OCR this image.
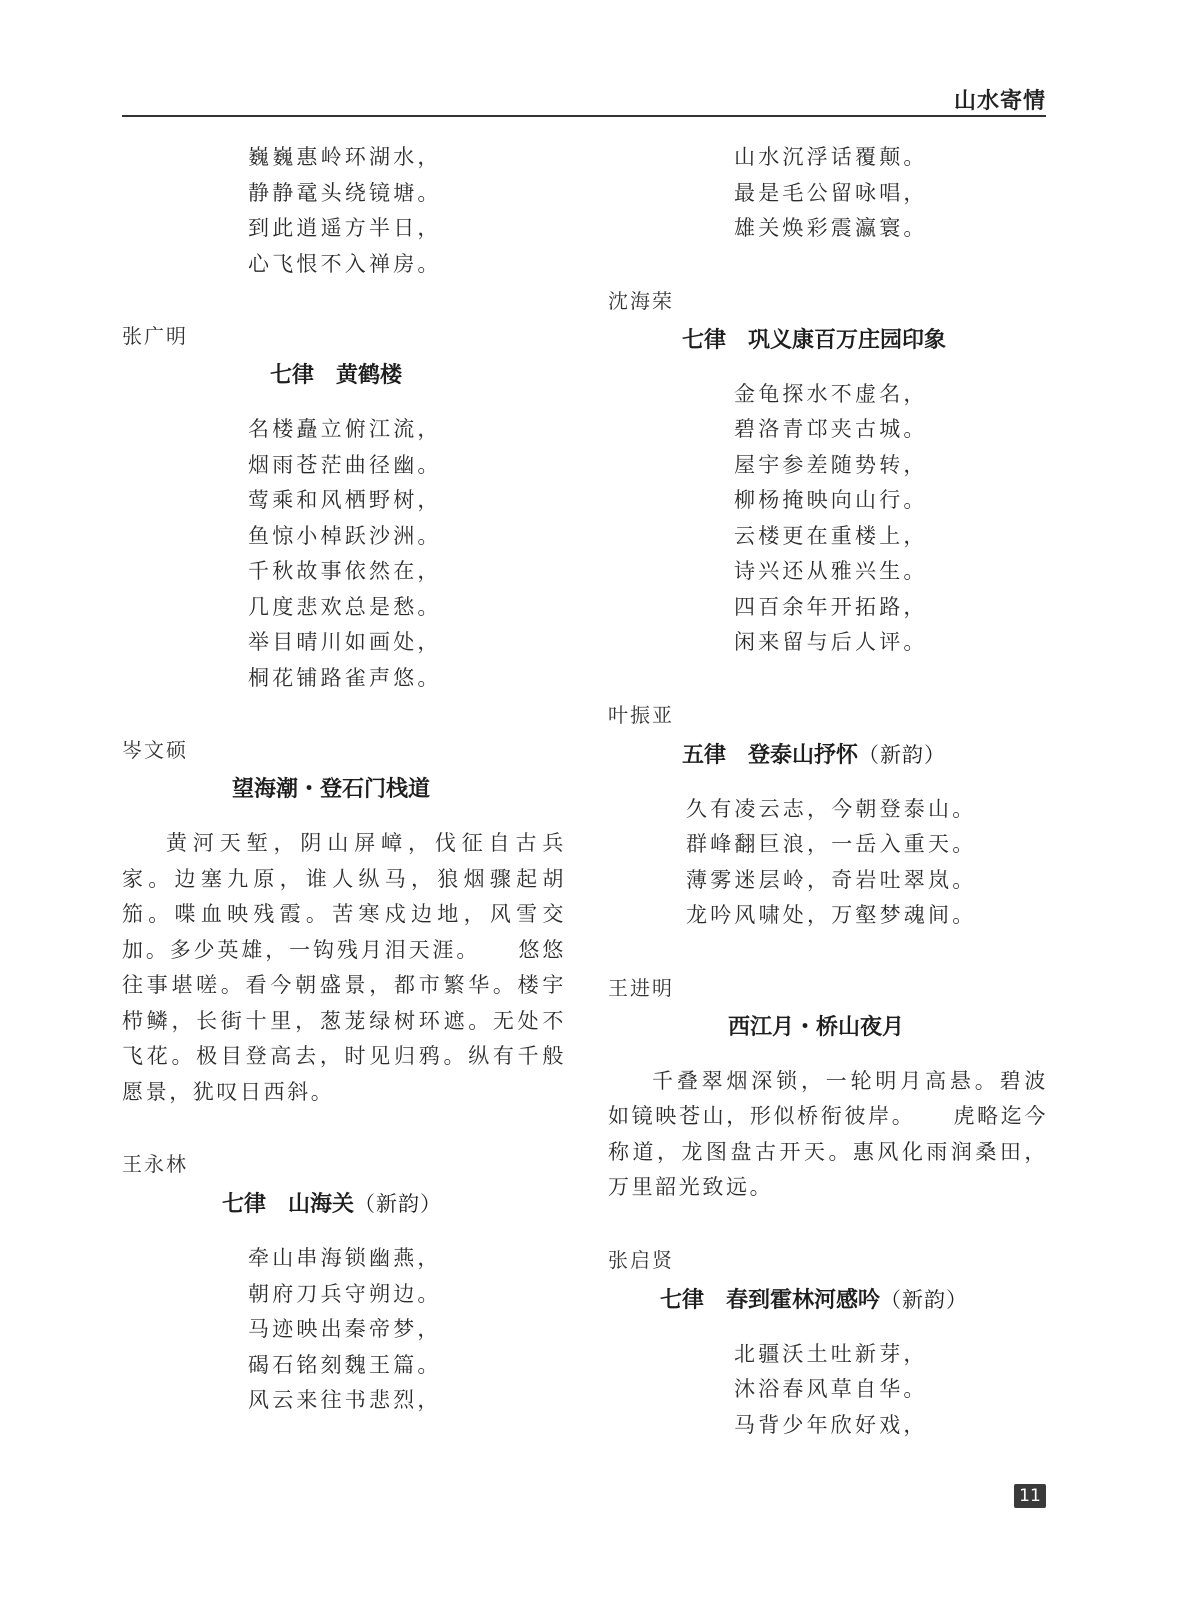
山水寄情
巍巍惠岭环湖水，
静静鼋头绕镜塘。
到此逍遥方半日，
心飞恨不入禅房。
张广明
七律 黄鹤楼
名楼矗立俯江流，
烟雨苍茫曲径幽。
莺乘和风栖野树，
鱼惊小棹跃沙洲。
千秋故事依然在，
几度悲欢总是愁。
举目晴川如画处，
桐花铺路雀声悠。
岑文硕
望海潮・登石门栈道
黄河天堑，阴山屏嶂，伐征自古兵家。边塞九原，谁人纵马，狼烟骤起胡笳。喋血映残霞。苦寒戍边地，风雪交加。多少英雄，一钩残月泪天涯。 悠悠往事堪嗟。看今朝盛景，都市繁华。楼宇栉鳞，长街十里，葱茏绿树环遮。无处不飞花。极目登高去，时见归鸦。纵有千般愿景，犹叹日西斜。
王永林
七律 山海关（新韵）
牵山串海锁幽燕，
朝府刀兵守朔边。
马迹映出秦帝梦，
碣石铭刻魏王篇。
风云来往书悲烈，
山水沉浮话覆颠。
最是毛公留咏唱，
雄关焕彩震瀛寰。
沈海荣
七律 巩义康百万庄园印象
金龟探水不虚名，
碧洛青邙夹古城。
屋宇参差随势转，
柳杨掩映向山行。
云楼更在重楼上，
诗兴还从雅兴生。
四百余年开拓路，
闲来留与后人评。
叶振亚
五律 登泰山抒怀（新韵）
久有凌云志，今朝登泰山。
群峰翻巨浪，一岳入重天。
薄雾迷层岭，奇岩吐翠岚。
龙吟风啸处，万壑梦魂间。
王进明
西江月・桥山夜月
千叠翠烟深锁，一轮明月高悬。碧波如镜映苍山，形似桥衔彼岸。 虎略迄今称道，龙图盘古开天。惠风化雨润桑田，万里韶光致远。
张启贤
七律 春到霍林河感吟（新韵）
北疆沃土吐新芽，
沐浴春风草自华。
马背少年欣好戏，
11
